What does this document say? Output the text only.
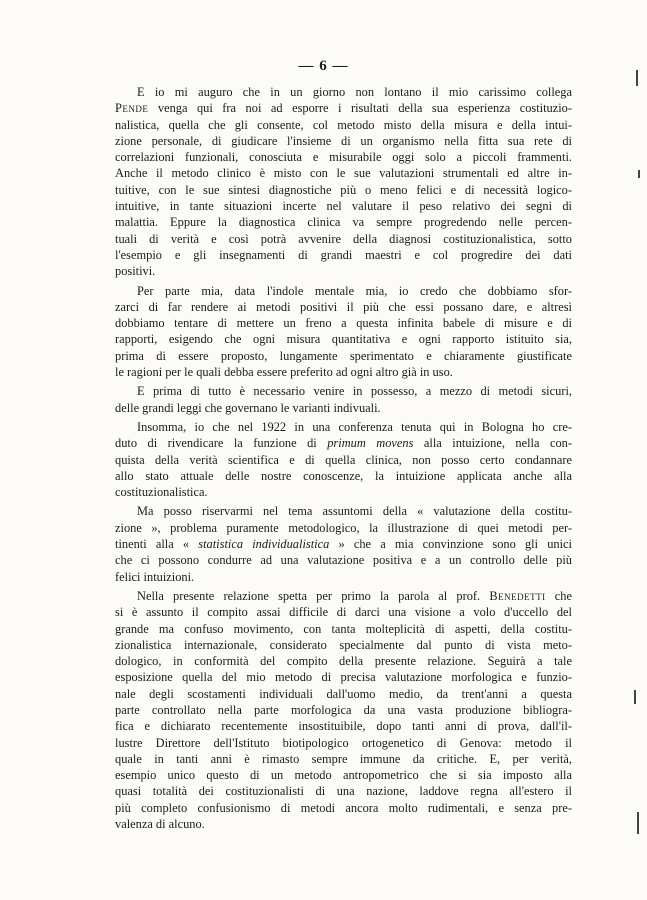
— 6 —
E io mi auguro che in un giorno non lontano il mio carissimo collega
Pende venga qui fra noi ad esporre i risultati della sua esperienza costituzio-
nalistica, quella che gli consente, col metodo misto della misura e della intui-
zione personale, di giudicare l'insieme di un organismo nella fitta sua rete di
correlazioni funzionali, conosciuta e misurabile oggi solo a piccoli frammenti.
Anche il metodo clinico è misto con le sue valutazioni strumentali ed altre in-
tuitive, con le sue sintesi diagnostiche più o meno felici e di necessità logico-
intuitive, in tante situazioni incerte nel valutare il peso relativo dei segni di
malattia. Eppure la diagnostica clinica va sempre progredendo nelle percen-
tuali di verità e così potrà avvenire della diagnosi costituzionalistica, sotto
l'esempio e gli insegnamenti di grandi maestri e col progredire dei dati
positivi.
Per parte mia, data l'indole mentale mia, io credo che dobbiamo sfor-
zarci di far rendere ai metodi positivi il più che essi possano dare, e altresì
dobbiamo tentare di mettere un freno a questa infinita babele di misure e di
rapporti, esigendo che ogni misura quantitativa e ogni rapporto istituito sia,
prima di essere proposto, lungamente sperimentato e chiaramente giustificate
le ragioni per le quali debba essere preferito ad ogni altro già in uso.
E prima di tutto è necessario venire in possesso, a mezzo di metodi sicuri,
delle grandi leggi che governano le varianti indivuali.
Insomma, io che nel 1922 in una conferenza tenuta qui in Bologna ho cre-
duto di rivendicare la funzione di primum movens alla intuizione, nella con-
quista della verità scientifica e di quella clinica, non posso certo condannare
allo stato attuale delle nostre conoscenze, la intuizione applicata anche alla
costituzionalistica.
Ma posso riservarmi nel tema assuntomi della « valutazione della costitu-
zione », problema puramente metodologico, la illustrazione di quei metodi per-
tinenti alla « statistica individualistica » che a mia convinzione sono gli unici
che ci possono condurre ad una valutazione positiva e a un controllo delle più
felici intuizioni.
Nella presente relazione spetta per primo la parola al prof. Benedetti che
si è assunto il compito assai difficile di darci una visione a volo d'uccello del
grande ma confuso movimento, con tanta molteplicità di aspetti, della costitu-
zionalistica internazionale, considerato specialmente dal punto di vista meto-
dologico, in conformità del compito della presente relazione. Seguirà a tale
esposizione quella del mio metodo di precisa valutazione morfologica e funzio-
nale degli scostamenti individuali dall'uomo medio, da trent'anni a questa
parte controllato nella parte morfologica da una vasta produzione bibliogra-
fica e dichiarato recentemente insostituibile, dopo tanti anni di prova, dall'il-
lustre Direttore dell'Istituto biotipologico ortogenetico di Genova: metodo il
quale in tanti anni è rimasto sempre immune da critiche. E, per verità,
esempio unico questo di un metodo antropometrico che si sia imposto alla
quasi totalità dei costituzionalisti di una nazione, laddove regna all'estero il
più completo confusionismo di metodi ancora molto rudimentali, e senza pre-
valenza di alcuno.
